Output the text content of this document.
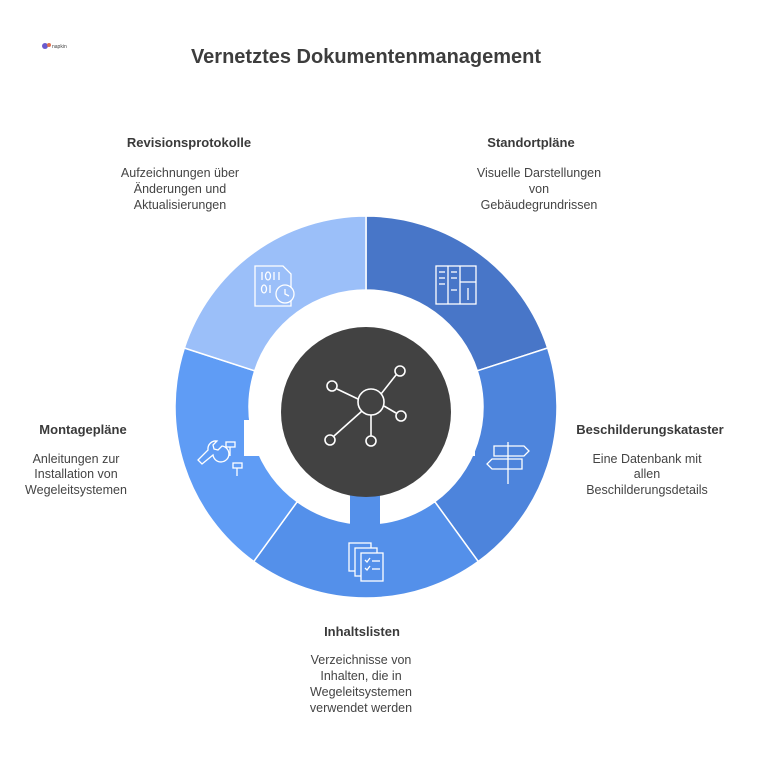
napkin	Vernetztes Dokumentenmanagement
Standortpläne
Visuelle Darstellungen
von
Gebäudegrundrissen
Beschilderungskataster
Eine Datenbank mit
allen
Beschilderungsdetails
Inhaltslisten
Verzeichnisse von
Inhalten, die in
Wegeleitsystemen
verwendet werden
Montagepläne
Anleitungen zur
Installation von
Wegeleitsystemen
Revisionsprotokolle
Aufzeichnungen über
Änderungen und
Aktualisierungen
